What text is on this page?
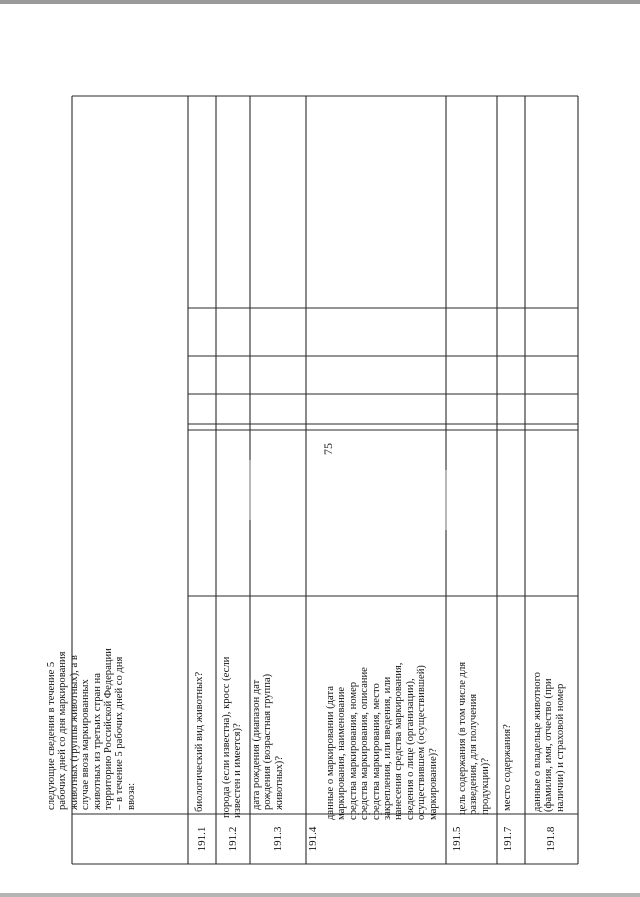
75
следующие сведения в течение 5
рабочих дней со дня маркирования
животных (группы животных), а в
случае ввоза маркированных
животных из третьих стран на
территорию Российской Федерации
– в течение 5 рабочих дней со дня
ввоза:
191.1
биологический вид животных?
191.2
порода (если известна), кросс (если
известен и имеется)?
191.3
дата рождения (диапазон дат
рождения (возрастная группа)
животных)?
191.4
данные о маркировании (дата
маркирования, наименование
средства маркирования, номер
средства маркирования, описание
средства маркирования, место
закрепления, или введения, или
нанесения средства маркирования,
сведения о лице (организации),
осуществившем (осуществившей)
маркирование)?
191.5
цель содержания (в том числе для
разведения, для получения
продукции)?
191.7
место содержания?
191.8
данные о владельце животного
(фамилия, имя, отчество (при
наличии) и страховой номер
